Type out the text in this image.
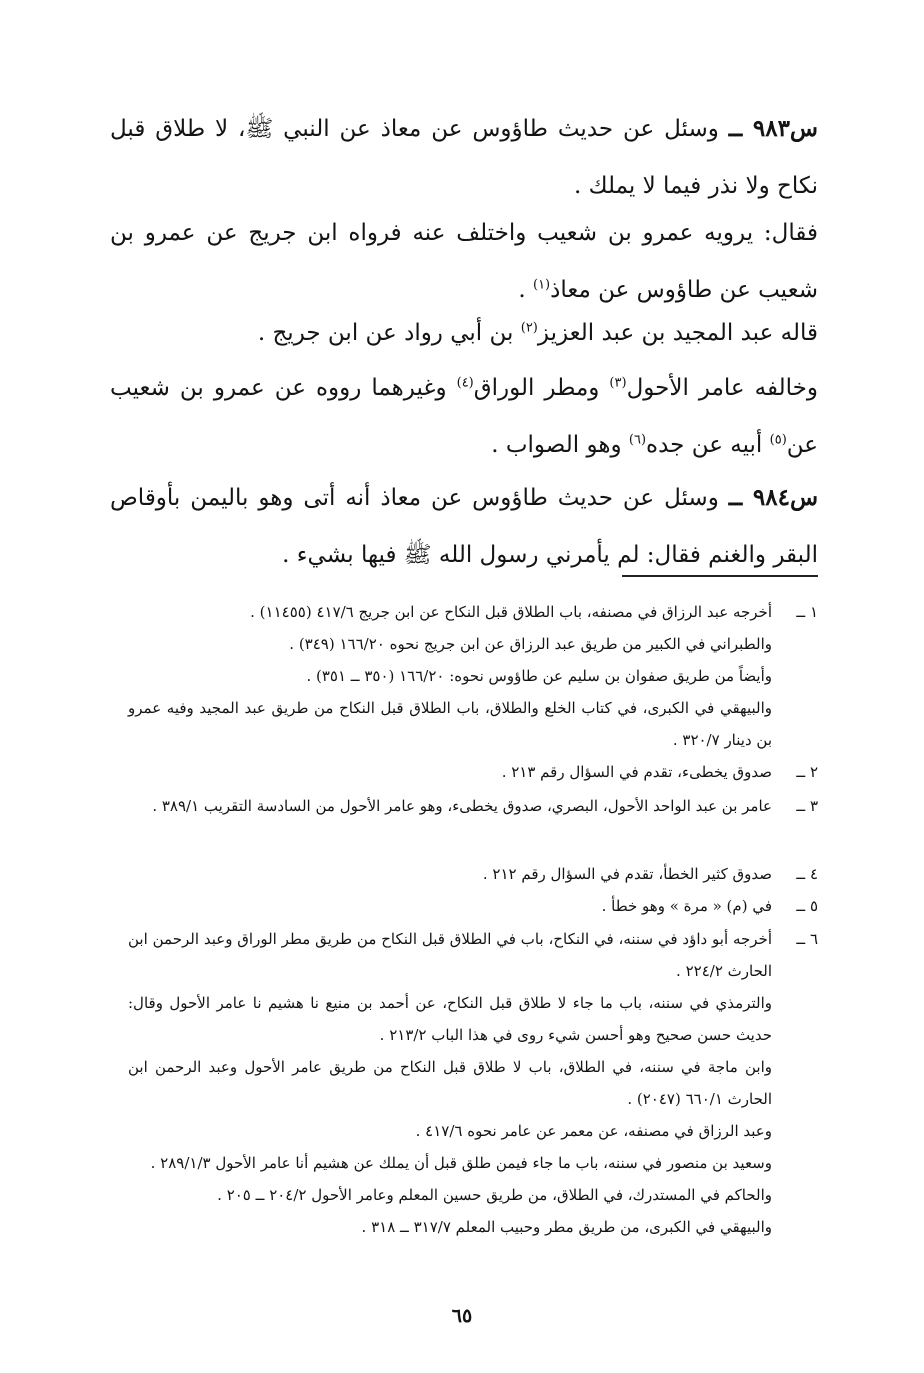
س٩٨٣ ــ وسئل عن حديث طاؤوس عن معاذ عن النبي ﷺ، لا طلاق قبل نكاح ولا نذر فيما لا يملك .

فقال: يرويه عمرو بن شعيب واختلف عنه فرواه ابن جريج عن عمرو بن شعيب عن طاؤوس عن معاذ$^{(١)}$ .

قاله عبد المجيد بن عبد العزيز$^{(٢)}$ بن أبي رواد عن ابن جريج .

وخالفه عامر الأحول$^{(٣)}$ ومطر الوراق$^{(٤)}$ وغيرهما رووه عن عمرو بن شعيب عن$^{(٥)}$ أبيه عن جده$^{(٦)}$ وهو الصواب .

س٩٨٤ ــ وسئل عن حديث طاؤوس عن معاذ أنه أتى وهو باليمن بأوقاص البقر والغنم فقال: لم يأمرني رسول الله ﷺ فيها بشيء .

١ ــ
أخرجه عبد الرزاق في مصنفه، باب الطلاق قبل النكاح عن ابن جريج ٤١٧/٦ (١١٤٥٥) .
والطبراني في الكبير من طريق عبد الرزاق عن ابن جريج نحوه ١٦٦/٢٠ (٣٤٩) .
وأيضاً من طريق صفوان بن سليم عن طاؤوس نحوه: ١٦٦/٢٠ (٣٥٠ ــ ٣٥١) .
والبيهقي في الكبرى، في كتاب الخلع والطلاق، باب الطلاق قبل النكاح من طريق عبد المجيد وفيه عمرو بن دينار ٣٢٠/٧ .
٢ ــ
صدوق يخطىء، تقدم في السؤال رقم ٢١٣ .
٣ ــ
عامر بن عبد الواحد الأحول، البصري، صدوق يخطىء، وهو عامر الأحول من السادسة التقريب ٣٨٩/١ .
٤ ــ
صدوق كثير الخطأ، تقدم في السؤال رقم ٢١٢ .
٥ ــ
في (م) « مرة » وهو خطأ .
٦ ــ
أخرجه أبو داؤد في سننه، في النكاح، باب في الطلاق قبل النكاح من طريق مطر الوراق وعبد الرحمن ابن الحارث ٢٢٤/٢ .
والترمذي في سننه، باب ما جاء لا طلاق قبل النكاح، عن أحمد بن منيع نا هشيم نا عامر الأحول وقال: حديث حسن صحيح وهو أحسن شيء روى في هذا الباب ٢١٣/٢ .
وابن ماجة في سننه، في الطلاق، باب لا طلاق قبل النكاح من طريق عامر الأحول وعبد الرحمن ابن الحارث ٦٦٠/١ (٢٠٤٧) .
وعبد الرزاق في مصنفه، عن معمر عن عامر نحوه ٤١٧/٦ .
وسعيد بن منصور في سننه، باب ما جاء فيمن طلق قبل أن يملك عن هشيم أنا عامر الأحول ٢٨٩/١/٣ .
والحاكم في المستدرك، في الطلاق، من طريق حسين المعلم وعامر الأحول ٢٠٤/٢ ــ ٢٠٥ .
والبيهقي في الكبرى، من طريق مطر وحبيب المعلم ٣١٧/٧ ــ ٣١٨ .
٦٥
